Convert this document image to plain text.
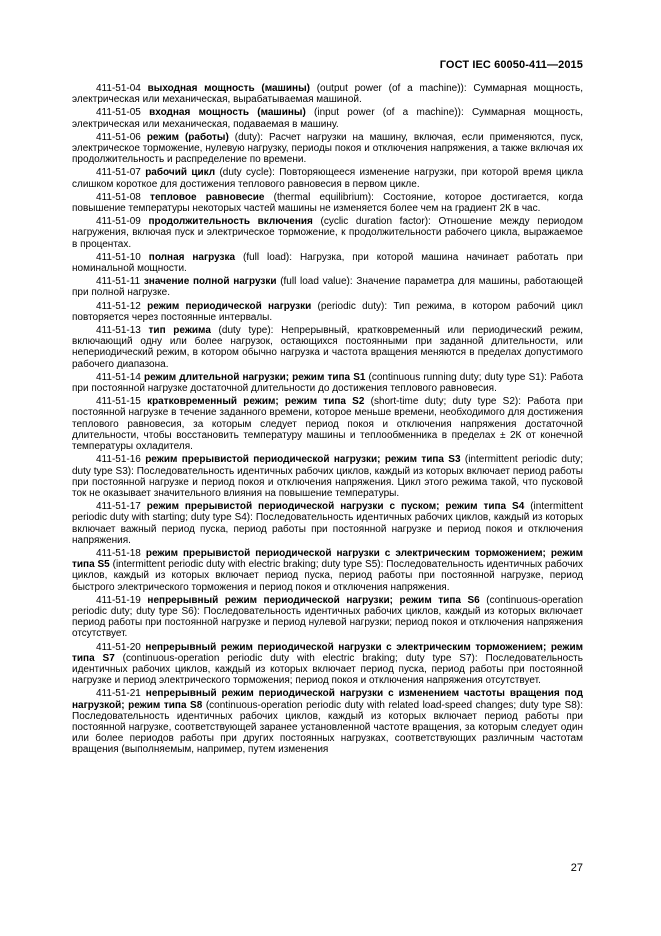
ГОСТ IEC 60050-411—2015

411-51-04 выходная мощность (машины) (output power (of a machine)): Суммарная мощность, электрическая или механическая, вырабатываемая машиной.

411-51-05 входная мощность (машины) (input power (of a machine)): Суммарная мощность, электрическая или механическая, подаваемая в машину.

411-51-06 режим (работы) (duty): Расчет нагрузки на машину, включая, если применяются, пуск, электрическое торможение, нулевую нагрузку, периоды покоя и отключения напряжения, а также включая их продолжительность и распределение по времени.

411-51-07 рабочий цикл (duty cycle): Повторяющееся изменение нагрузки, при которой время цикла слишком короткое для достижения теплового равновесия в первом цикле.

411-51-08 тепловое равновесие (thermal equilibrium): Состояние, которое достигается, когда повышение температуры некоторых частей машины не изменяется более чем на градиент 2К в час.

411-51-09 продолжительность включения (cyclic duration factor): Отношение между периодом нагружения, включая пуск и электрическое торможение, к продолжительности рабочего цикла, выражаемое в процентах.

411-51-10 полная нагрузка (full load): Нагрузка, при которой машина начинает работать при номинальной мощности.

411-51-11 значение полной нагрузки (full load value): Значение параметра для машины, работающей при полной нагрузке.

411-51-12 режим периодической нагрузки (periodic duty): Тип режима, в котором рабочий цикл повторяется через постоянные интервалы.

411-51-13 тип режима (duty type): Непрерывный, кратковременный или периодический режим, включающий одну или более нагрузок, остающихся постоянными при заданной длительности, или непериодический режим, в котором обычно нагрузка и частота вращения меняются в пределах допустимого рабочего диапазона.

411-51-14 режим длительной нагрузки; режим типа S1 (continuous running duty; duty type S1): Работа при постоянной нагрузке достаточной длительности до достижения теплового равновесия.

411-51-15 кратковременный режим; режим типа S2 (short-time duty; duty type S2): Работа при постоянной нагрузке в течение заданного времени, которое меньше времени, необходимого для достижения теплового равновесия, за которым следует период покоя и отключения напряжения достаточной длительности, чтобы восстановить температуру машины и теплообменника в пределах ± 2К от конечной температуры охладителя.

411-51-16 режим прерывистой периодической нагрузки; режим типа S3 (intermittent periodic duty; duty type S3): Последовательность идентичных рабочих циклов, каждый из которых включает период работы при постоянной нагрузке и период покоя и отключения напряжения. Цикл этого режима такой, что пусковой ток не оказывает значительного влияния на повышение температуры.

411-51-17 режим прерывистой периодической нагрузки с пуском; режим типа S4 (intermittent periodic duty with starting; duty type S4): Последовательность идентичных рабочих циклов, каждый из которых включает важный период пуска, период работы при постоянной нагрузке и период покоя и отключения напряжения.

411-51-18 режим прерывистой периодической нагрузки с электрическим торможением; режим типа S5 (intermittent periodic duty with electric braking; duty type S5): Последовательность идентичных рабочих циклов, каждый из которых включает период пуска, период работы при постоянной нагрузке, период быстрого электрического торможения и период покоя и отключения напряжения.

411-51-19 непрерывный режим периодической нагрузки; режим типа S6 (continuous-operation periodic duty; duty type S6): Последовательность идентичных рабочих циклов, каждый из которых включает период работы при постоянной нагрузке и период нулевой нагрузки; период покоя и отключения напряжения отсутствует.

411-51-20 непрерывный режим периодической нагрузки с электрическим торможением; режим типа S7 (continuous-operation periodic duty with electric braking; duty type S7): Последовательность идентичных рабочих циклов, каждый из которых включает период пуска, период работы при постоянной нагрузке и период электрического торможения; период покоя и отключения напряжения отсутствует.

411-51-21 непрерывный режим периодической нагрузки с изменением частоты вращения под нагрузкой; режим типа S8 (continuous-operation periodic duty with related load-speed changes; duty type S8): Последовательность идентичных рабочих циклов, каждый из которых включает период работы при постоянной нагрузке, соответствующей заранее установленной частоте вращения, за которым следует один или более периодов работы при других постоянных нагрузках, соответствующих различным частотам вращения (выполняемым, например, путем изменения

27
